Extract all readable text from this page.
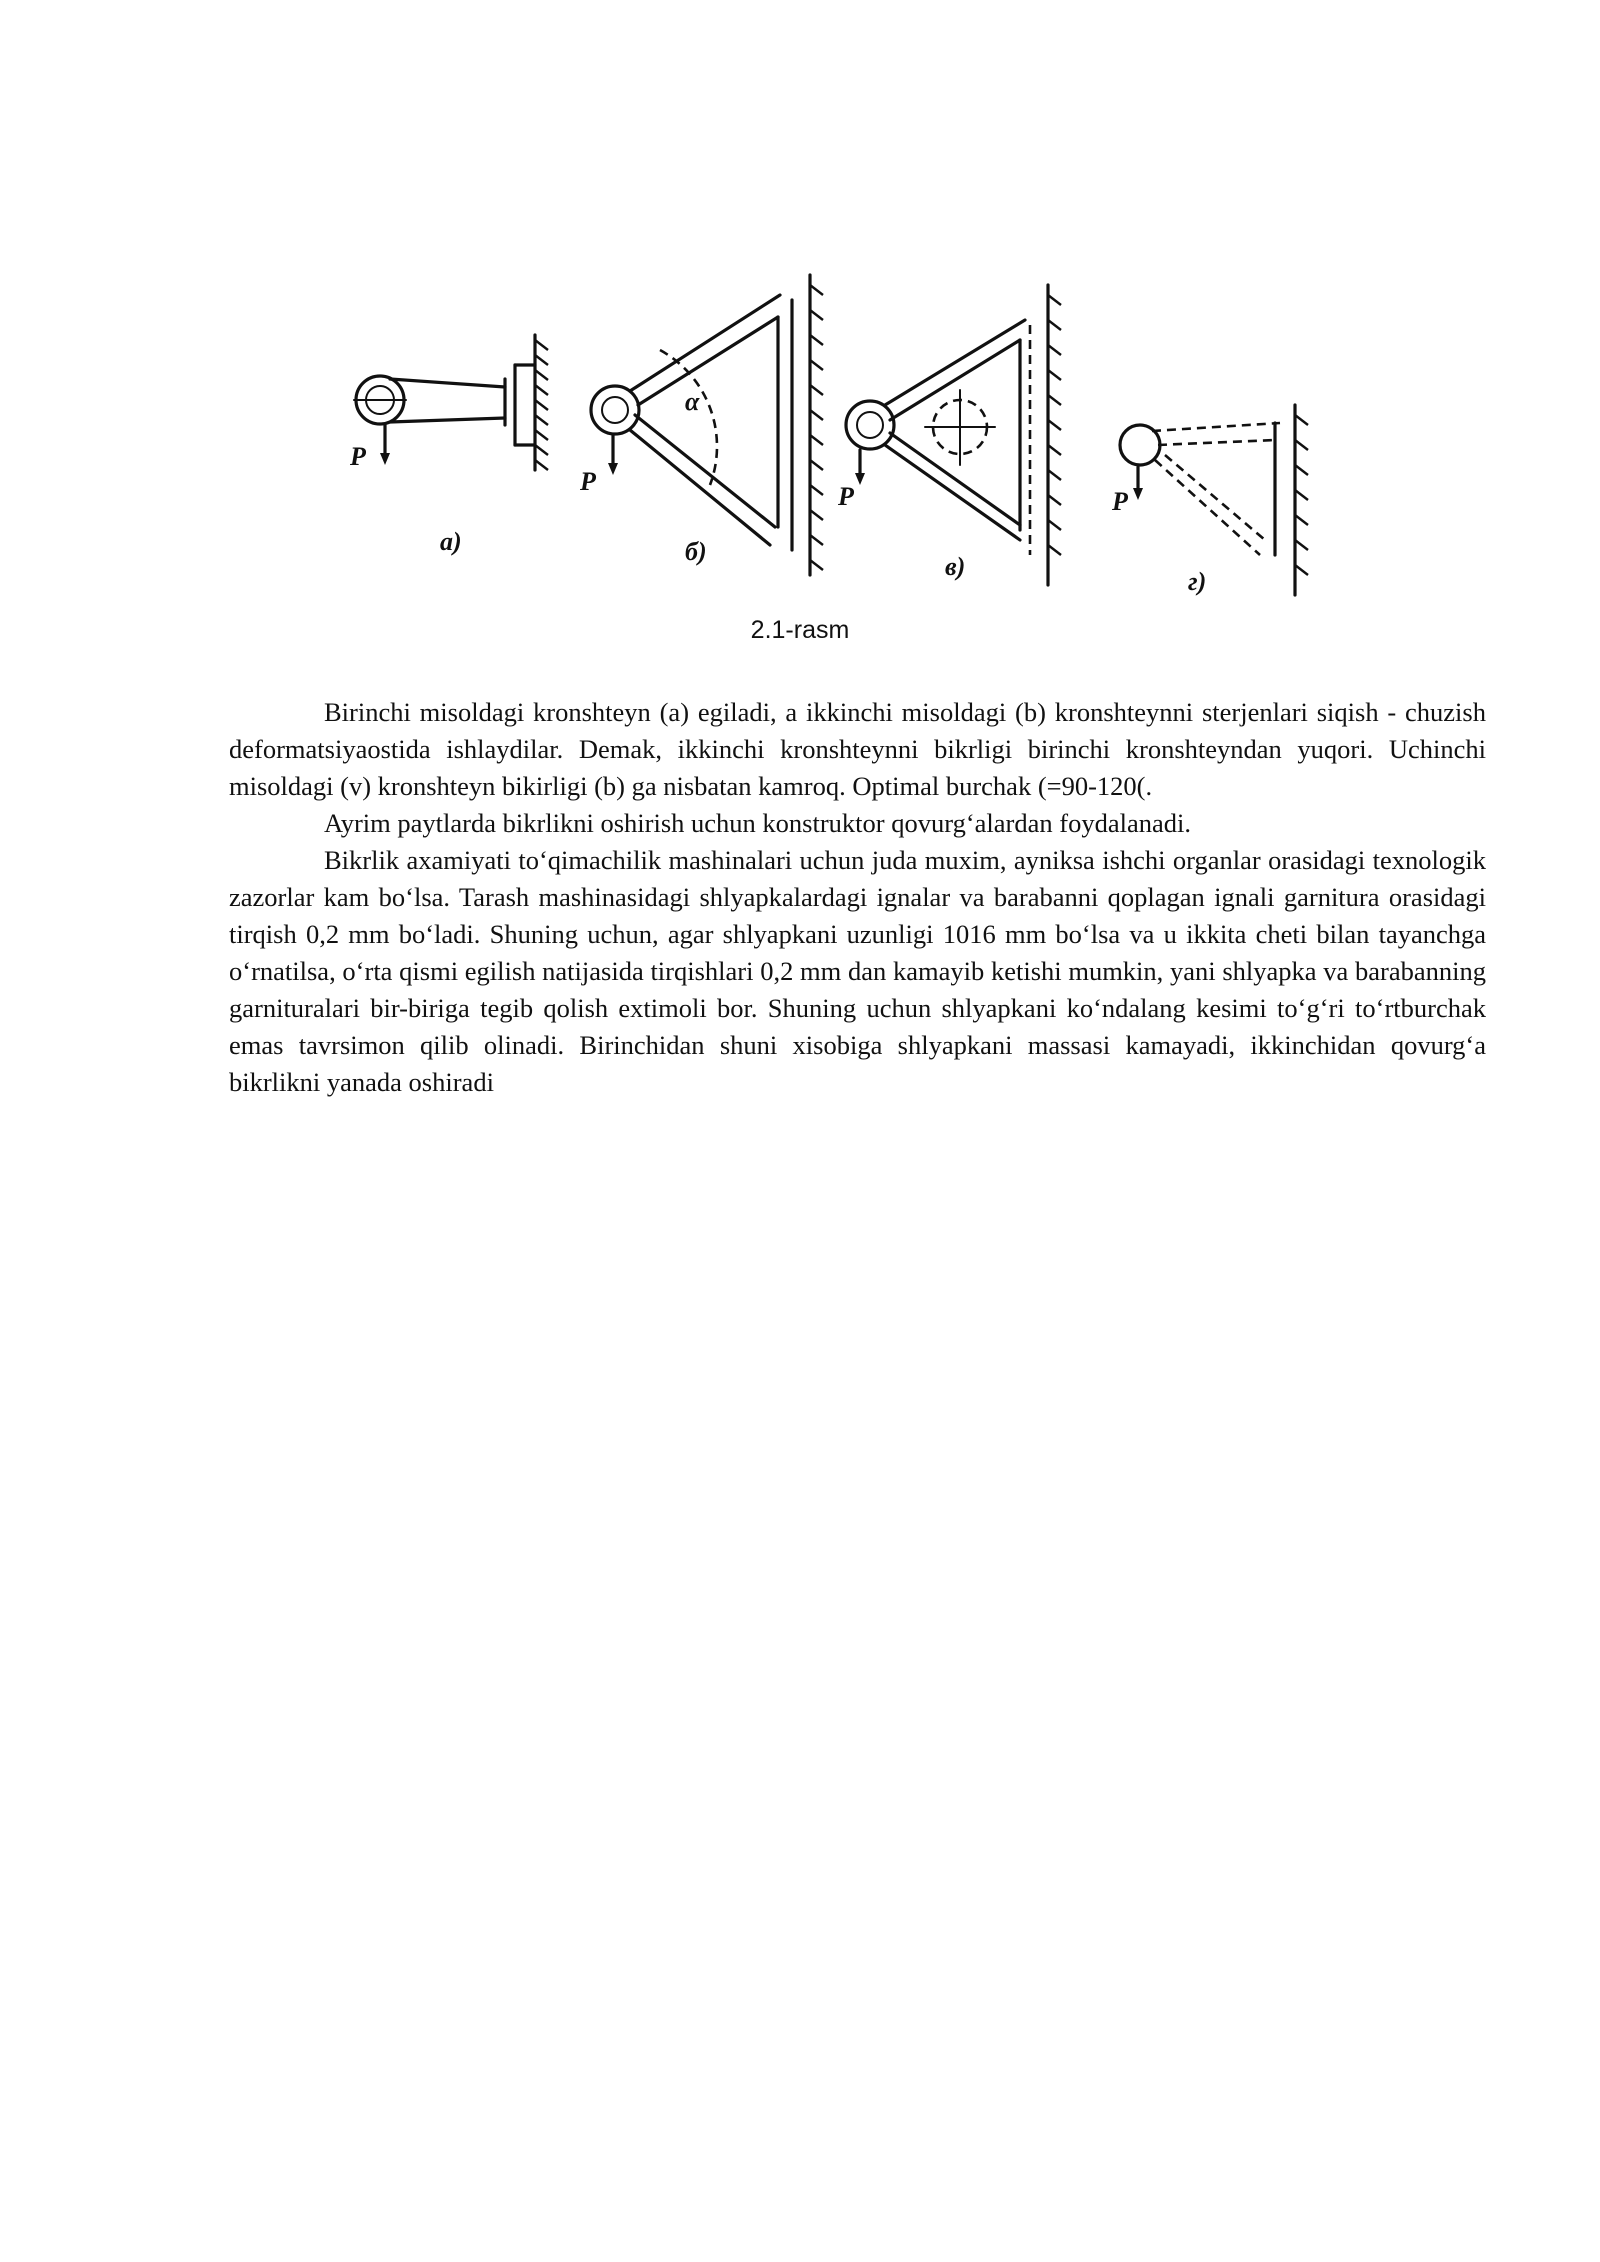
P
a)
α
P
б)
P
в)
P
г)
2.1-rasm

Birinchi misoldagi kronshteyn (a) egiladi, a ikkinchi misoldagi (b) kronshteynni sterjenlari siqish - chuzish deformatsiyaostida ishlaydilar. Demak, ikkinchi kronshteynni bikrligi birinchi kronshteyndan yuqori. Uchinchi misoldagi (v) kronshteyn bikirligi (b) ga nisbatan kamroq. Optimal burchak (=90-120(.

Ayrim paytlarda bikrlikni oshirish uchun konstruktor qovurg‘alardan foydalanadi.

Bikrlik axamiyati to‘qimachilik mashinalari uchun juda muxim, ayniksa ishchi organlar orasidagi texnologik zazorlar kam bo‘lsa. Tarash mashinasidagi shlyapkalardagi ignalar va barabanni qoplagan ignali garnitura orasidagi tirqish 0,2 mm bo‘ladi. Shuning uchun, agar shlyapkani uzunligi 1016 mm bo‘lsa va u ikkita cheti bilan tayanchga o‘rnatilsa, o‘rta qismi egilish natijasida tirqishlari 0,2 mm dan kamayib ketishi mumkin, yani shlyapka va barabanning garnituralari bir-biriga tegib qolish extimoli bor. Shuning uchun shlyapkani ko‘ndalang kesimi to‘g‘ri to‘rtburchak emas tavrsimon qilib olinadi. Birinchidan shuni xisobiga shlyapkani massasi kamayadi, ikkinchidan qovurg‘a bikrlikni yanada oshiradi
